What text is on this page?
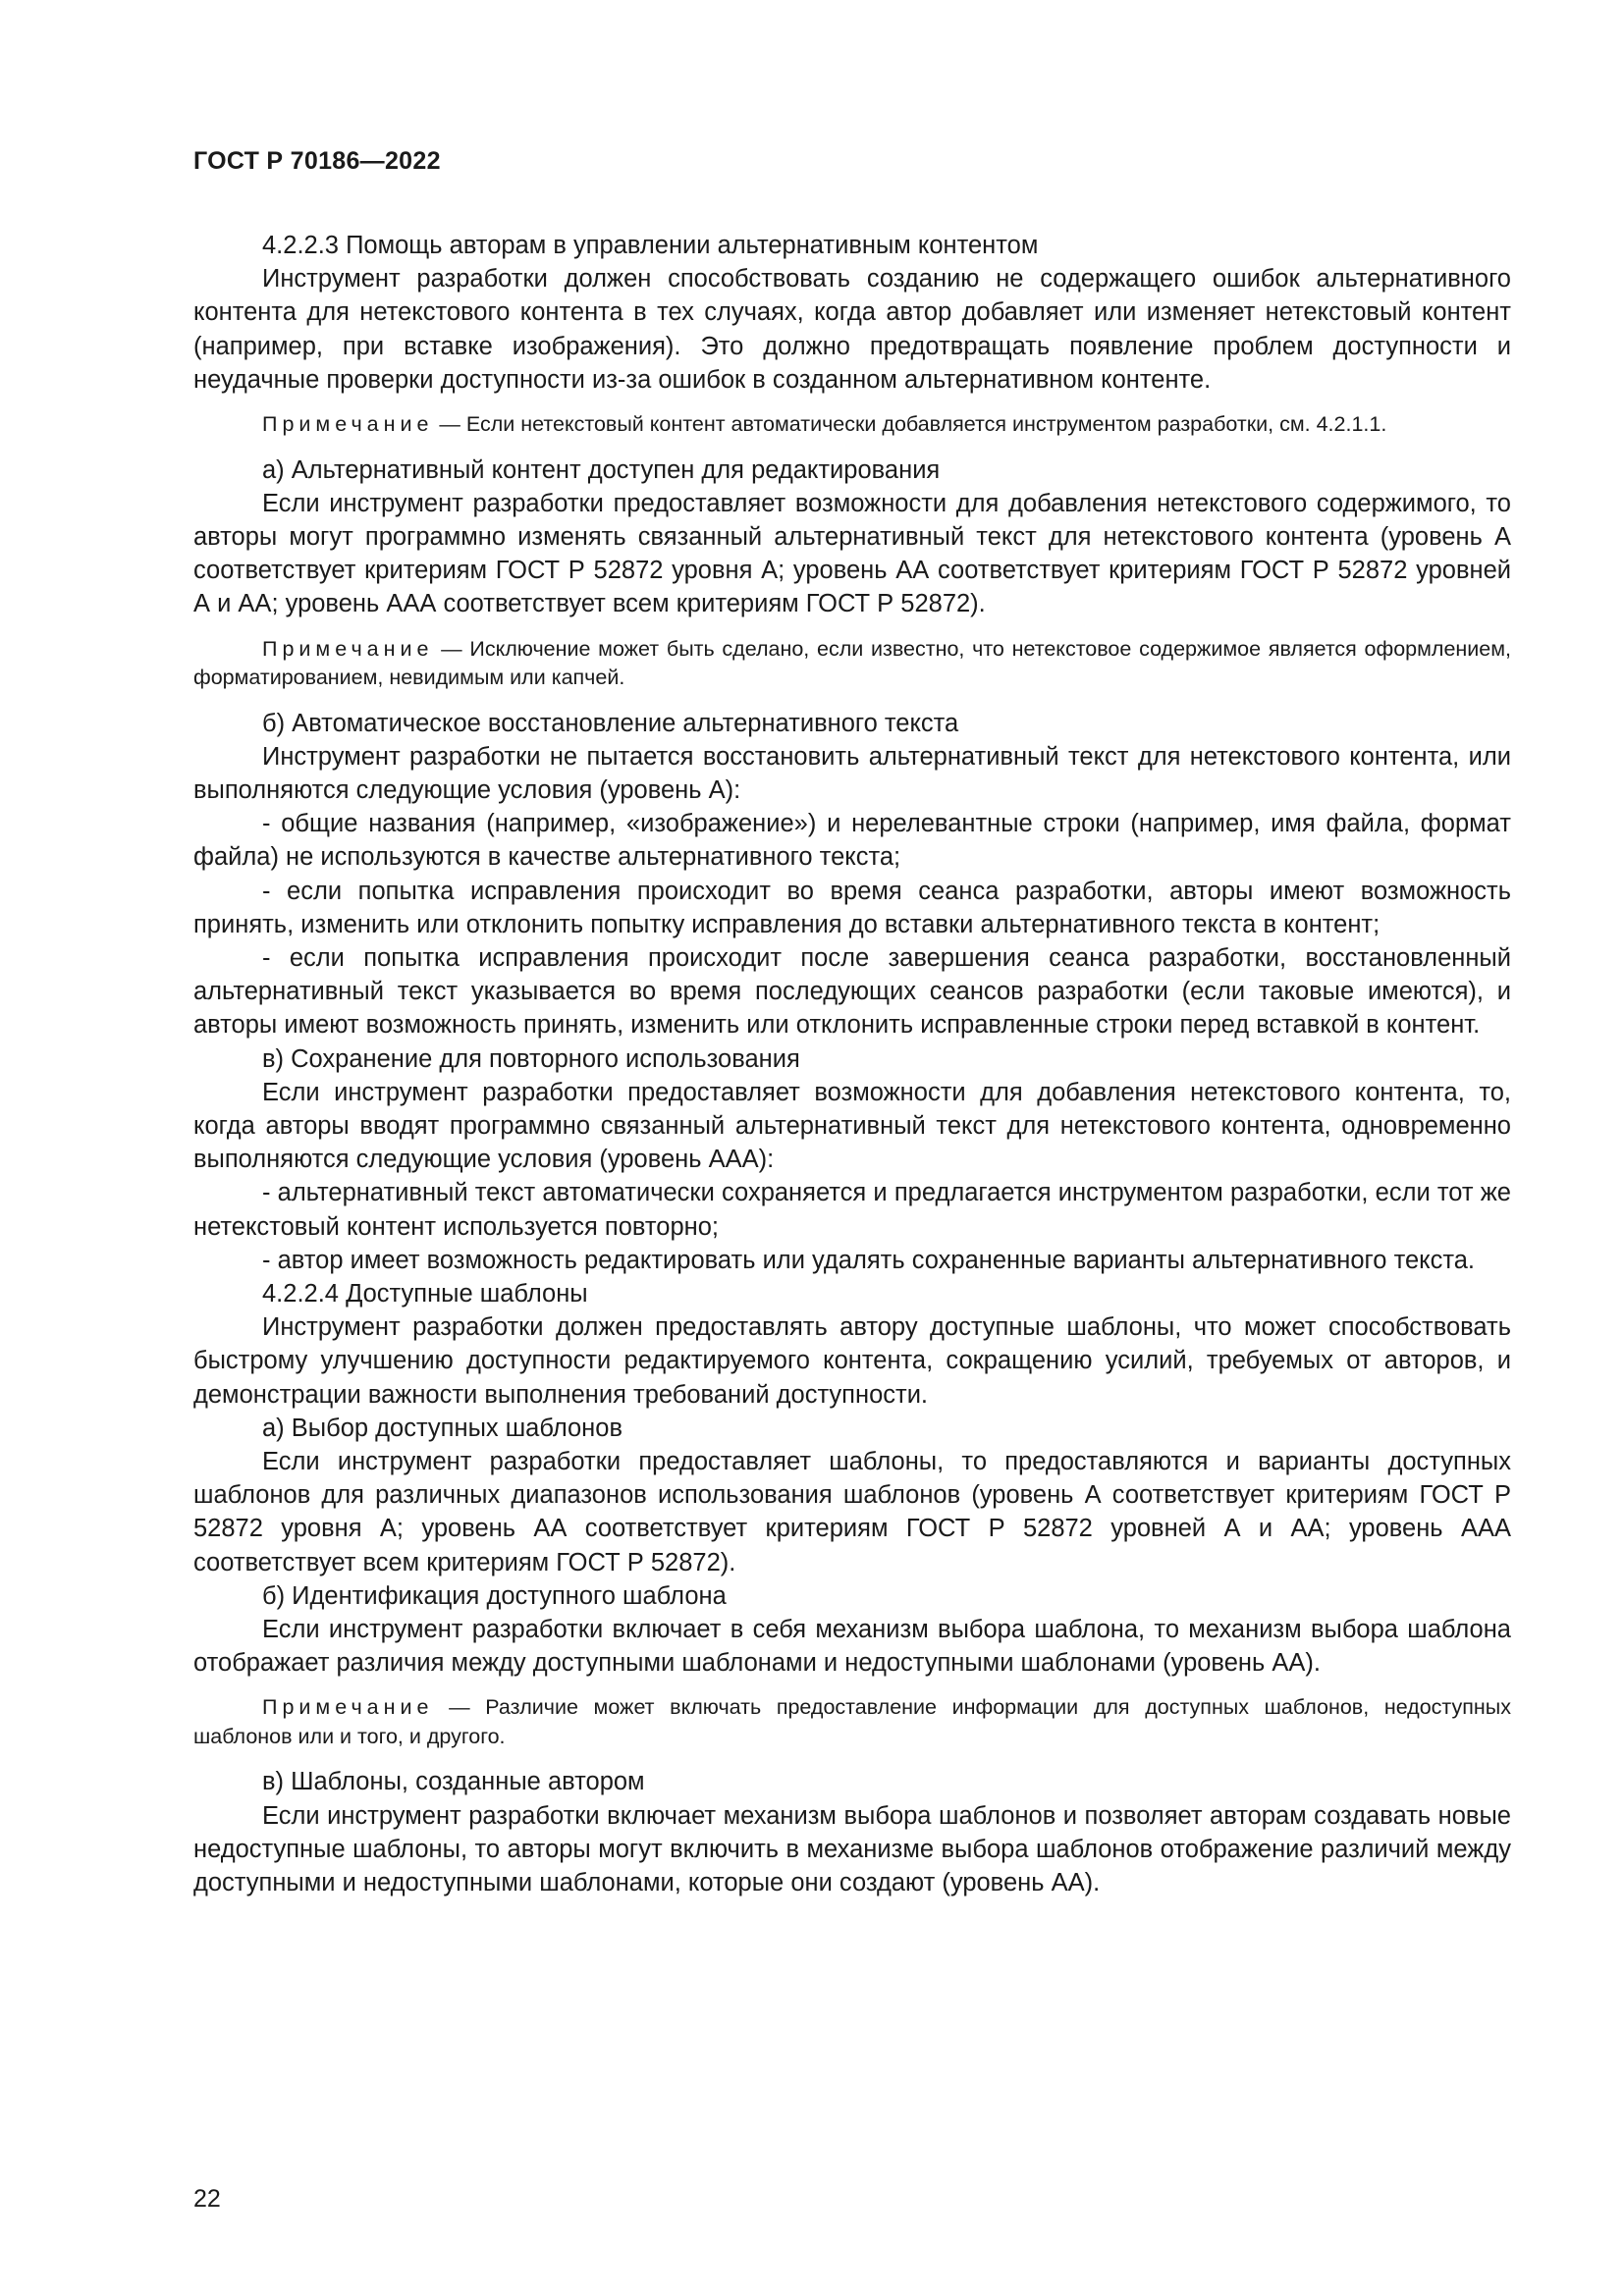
ГОСТ Р 70186—2022

4.2.2.3 Помощь авторам в управлении альтернативным контентом

Инструмент разработки должен способствовать созданию не содержащего ошибок альтернативного контента для нетекстового контента в тех случаях, когда автор добавляет или изменяет нетекстовый контент (например, при вставке изображения). Это должно предотвращать появление проблем доступности и неудачные проверки доступности из-за ошибок в созданном альтернативном контенте.

Примечание — Если нетекстовый контент автоматически добавляется инструментом разработки, см. 4.2.1.1.

а) Альтернативный контент доступен для редактирования

Если инструмент разработки предоставляет возможности для добавления нетекстового содержимого, то авторы могут программно изменять связанный альтернативный текст для нетекстового контента (уровень А соответствует критериям ГОСТ Р 52872 уровня А; уровень АА соответствует критериям ГОСТ Р 52872 уровней А и АА; уровень ААА соответствует всем критериям ГОСТ Р 52872).

Примечание — Исключение может быть сделано, если известно, что нетекстовое содержимое является оформлением, форматированием, невидимым или капчей.

б) Автоматическое восстановление альтернативного текста

Инструмент разработки не пытается восстановить альтернативный текст для нетекстового контента, или выполняются следующие условия (уровень А):

- общие названия (например, «изображение») и нерелевантные строки (например, имя файла, формат файла) не используются в качестве альтернативного текста;

- если попытка исправления происходит во время сеанса разработки, авторы имеют возможность принять, изменить или отклонить попытку исправления до вставки альтернативного текста в контент;

- если попытка исправления происходит после завершения сеанса разработки, восстановленный альтернативный текст указывается во время последующих сеансов разработки (если таковые имеются), и авторы имеют возможность принять, изменить или отклонить исправленные строки перед вставкой в контент.

в) Сохранение для повторного использования

Если инструмент разработки предоставляет возможности для добавления нетекстового контента, то, когда авторы вводят программно связанный альтернативный текст для нетекстового контента, одновременно выполняются следующие условия (уровень ААА):

- альтернативный текст автоматически сохраняется и предлагается инструментом разработки, если тот же нетекстовый контент используется повторно;

- автор имеет возможность редактировать или удалять сохраненные варианты альтернативного текста.

4.2.2.4 Доступные шаблоны

Инструмент разработки должен предоставлять автору доступные шаблоны, что может способствовать быстрому улучшению доступности редактируемого контента, сокращению усилий, требуемых от авторов, и демонстрации важности выполнения требований доступности.

а) Выбор доступных шаблонов

Если инструмент разработки предоставляет шаблоны, то предоставляются и варианты доступных шаблонов для различных диапазонов использования шаблонов (уровень А соответствует критериям ГОСТ Р 52872 уровня А; уровень АА соответствует критериям ГОСТ Р 52872 уровней А и АА; уровень ААА соответствует всем критериям ГОСТ Р 52872).

б) Идентификация доступного шаблона

Если инструмент разработки включает в себя механизм выбора шаблона, то механизм выбора шаблона отображает различия между доступными шаблонами и недоступными шаблонами (уровень АА).

Примечание — Различие может включать предоставление информации для доступных шаблонов, недоступных шаблонов или и того, и другого.

в) Шаблоны, созданные автором

Если инструмент разработки включает механизм выбора шаблонов и позволяет авторам создавать новые недоступные шаблоны, то авторы могут включить в механизме выбора шаблонов отображение различий между доступными и недоступными шаблонами, которые они создают (уровень АА).

22
